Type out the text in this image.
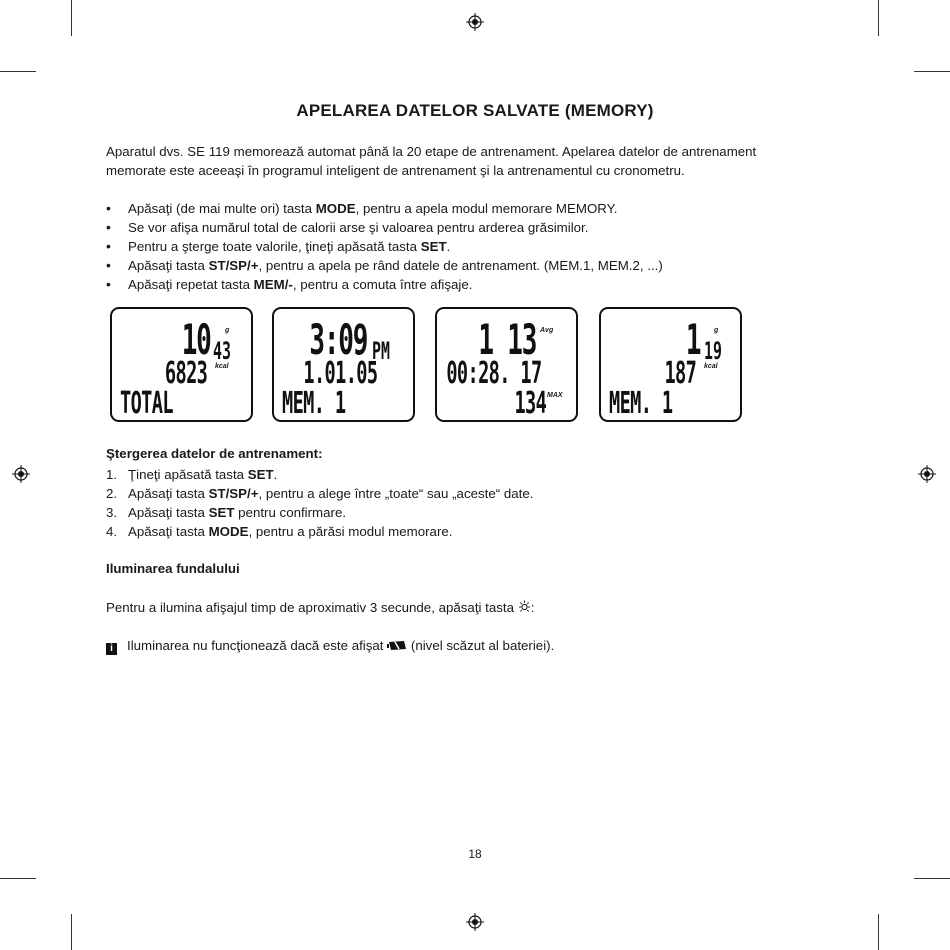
APELAREA DATELOR SALVATE (MEMORY)

Aparatul dvs. SE 119 memorează automat până la 20 etape de antrenament. Apelarea datelor de antrenament

memorate este aceeaşi în programul inteligent de antrenament şi la antrenamentul cu cronometru.

• Apăsaţi (de mai multe ori) tasta MODE, pentru a apela modul memorare MEMORY.
• Se vor afişa numărul total de calorii arse şi valoarea pentru arderea grăsimilor.
• Pentru a şterge toate valorile, ţineţi apăsată tasta SET.
• Apăsaţi tasta ST/SP/+, pentru a apela pe rând datele de antrenament. (MEM.1, MEM.2, ...)
• Apăsaţi repetat tasta MEM/-, pentru a comuta între afişaje.
10 43
g
6823 kcal
TOTAL
3:09 PM
1.01.05
MEM. 1
1 13 Avg
00:28. 17
134 MAX
1 19
g
187 kcal
MEM. 1
Ştergerea datelor de antrenament:
1. Ţineţi apăsată tasta SET.
2. Apăsaţi tasta ST/SP/+, pentru a alege între „toate“ sau „aceste“ date.
3. Apăsaţi tasta SET pentru confirmare.
4. Apăsaţi tasta MODE, pentru a părăsi modul memorare.
Iluminarea fundalului
Pentru a ilumina afişajul timp de aproximativ 3 secunde, apăsaţi tasta :
i Iluminarea nu funcţionează dacă este afişat (nivel scăzut al bateriei).
18
